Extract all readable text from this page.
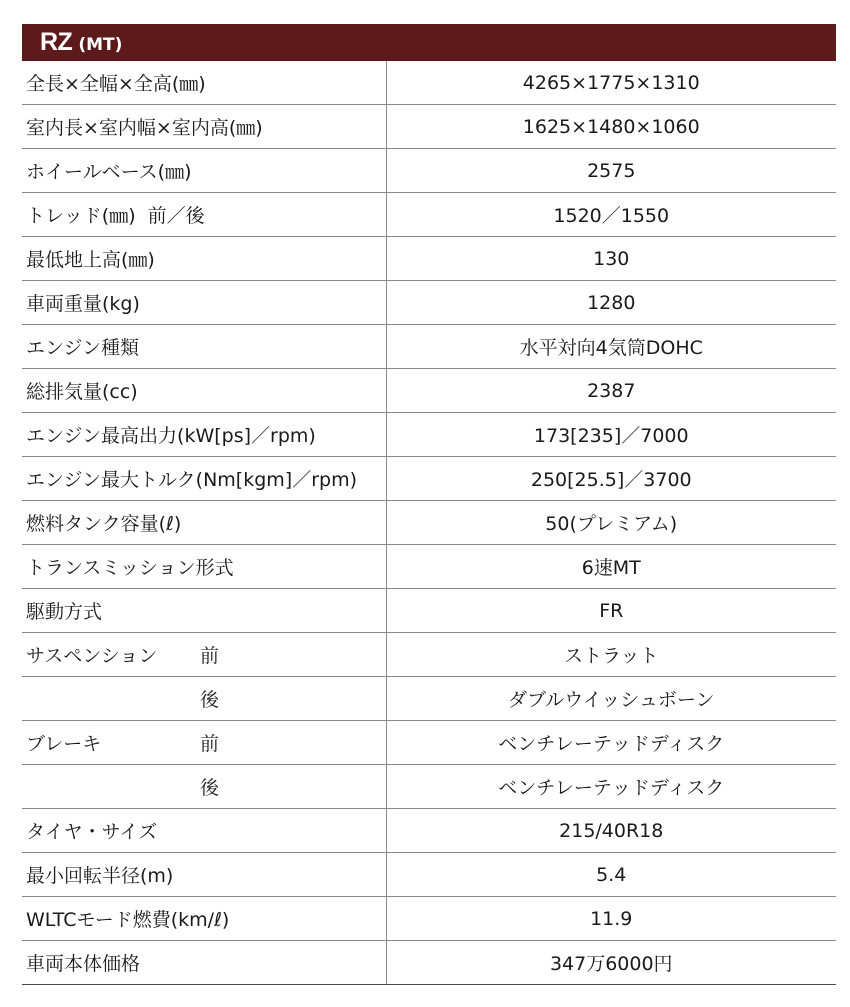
RZ (MT)	
全長×全幅×全高(㎜)	4265×1775×1310
室内長×室内幅×室内高(㎜)	1625×1480×1060
ホイールベース(㎜)	2575
トレッド(㎜) 前／後	1520／1550
最低地上高(㎜)	130
車両重量(kg)	1280
エンジン種類	水平対向4気筒DOHC
総排気量(cc)	2387
エンジン最高出力(kW[ps]／rpm)	173[235]／7000
エンジン最大トルク(Nm[kgm]／rpm)	250[25.5]／3700
燃料タンク容量(ℓ)	50(プレミアム)
トランスミッション形式	6速MT
駆動方式	FR
サスペンション 前	ストラット
後	ダブルウイッシュボーン
ブレーキ 前	ベンチレーテッドディスク
後	ベンチレーテッドディスク
タイヤ・サイズ	215/40R18
最小回転半径(m)	5.4
WLTCモード燃費(km/ℓ)	11.9
車両本体価格	347万6000円
